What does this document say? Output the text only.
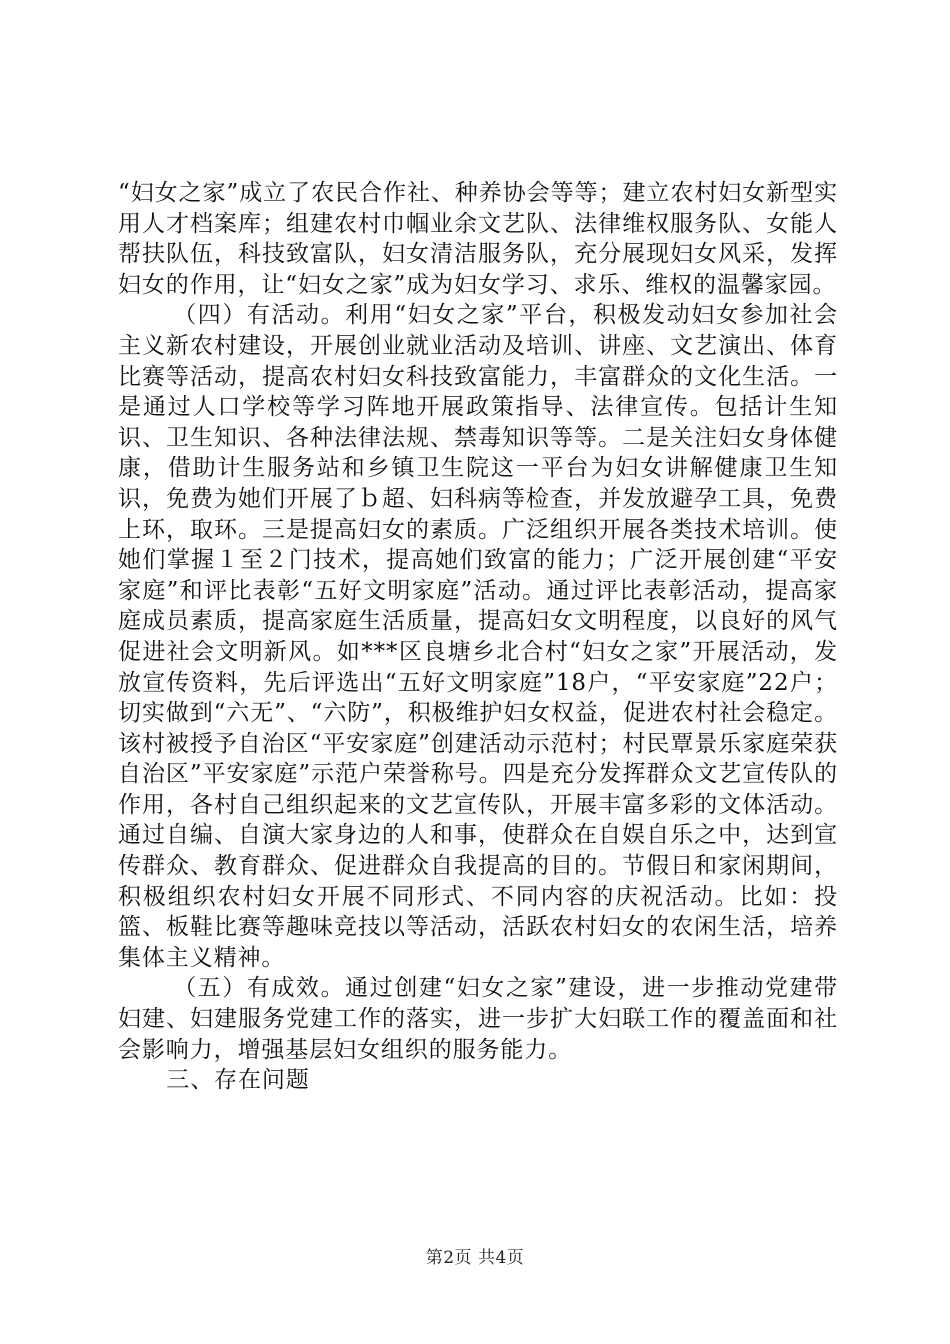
“妇女之家”成立了农民合作社、种养协会等等；建立农村妇女新型实用人才档案库；组建农村巾帼业余文艺队、法律维权服务队、女能人帮扶队伍，科技致富队，妇女清洁服务队，充分展现妇女风采，发挥妇女的作用，让“妇女之家”成为妇女学习、求乐、维权的温馨家园。

（四）有活动。利用“妇女之家”平台，积极发动妇女参加社会主义新农村建设，开展创业就业活动及培训、讲座、文艺演出、体育比赛等活动，提高农村妇女科技致富能力，丰富群众的文化生活。一是通过人口学校等学习阵地开展政策指导、法律宣传。包括计生知识、卫生知识、各种法律法规、禁毒知识等等。二是关注妇女身体健康，借助计生服务站和乡镇卫生院这一平台为妇女讲解健康卫生知识，免费为她们开展了ｂ超、妇科病等检查，并发放避孕工具，免费上环，取环。三是提高妇女的素质。广泛组织开展各类技术培训。使她们掌握１至２门技术，提高她们致富的能力；广泛开展创建“平安家庭”和评比表彰“五好文明家庭”活动。通过评比表彰活动，提高家庭成员素质，提高家庭生活质量，提高妇女文明程度，以良好的风气促进社会文明新风。如***区良塘乡北合村“妇女之家”开展活动，发放宣传资料，先后评选出“五好文明家庭”18户，“平安家庭”22户；切实做到“六无”、“六防”，积极维护妇女权益，促进农村社会稳定。该村被授予自治区“平安家庭”创建活动示范村；村民覃景乐家庭荣获自治区”平安家庭”示范户荣誉称号。四是充分发挥群众文艺宣传队的作用，各村自己组织起来的文艺宣传队，开展丰富多彩的文体活动。通过自编、自演大家身边的人和事，使群众在自娱自乐之中，达到宣传群众、教育群众、促进群众自我提高的目的。节假日和家闲期间，积极组织农村妇女开展不同形式、不同内容的庆祝活动。比如：投篮、板鞋比赛等趣味竞技以等活动，活跃农村妇女的农闲生活，培养集体主义精神。

（五）有成效。通过创建“妇女之家”建设，进一步推动党建带妇建、妇建服务党建工作的落实，进一步扩大妇联工作的覆盖面和社会影响力，增强基层妇女组织的服务能力。

三、存在问题

第2页 共4页
